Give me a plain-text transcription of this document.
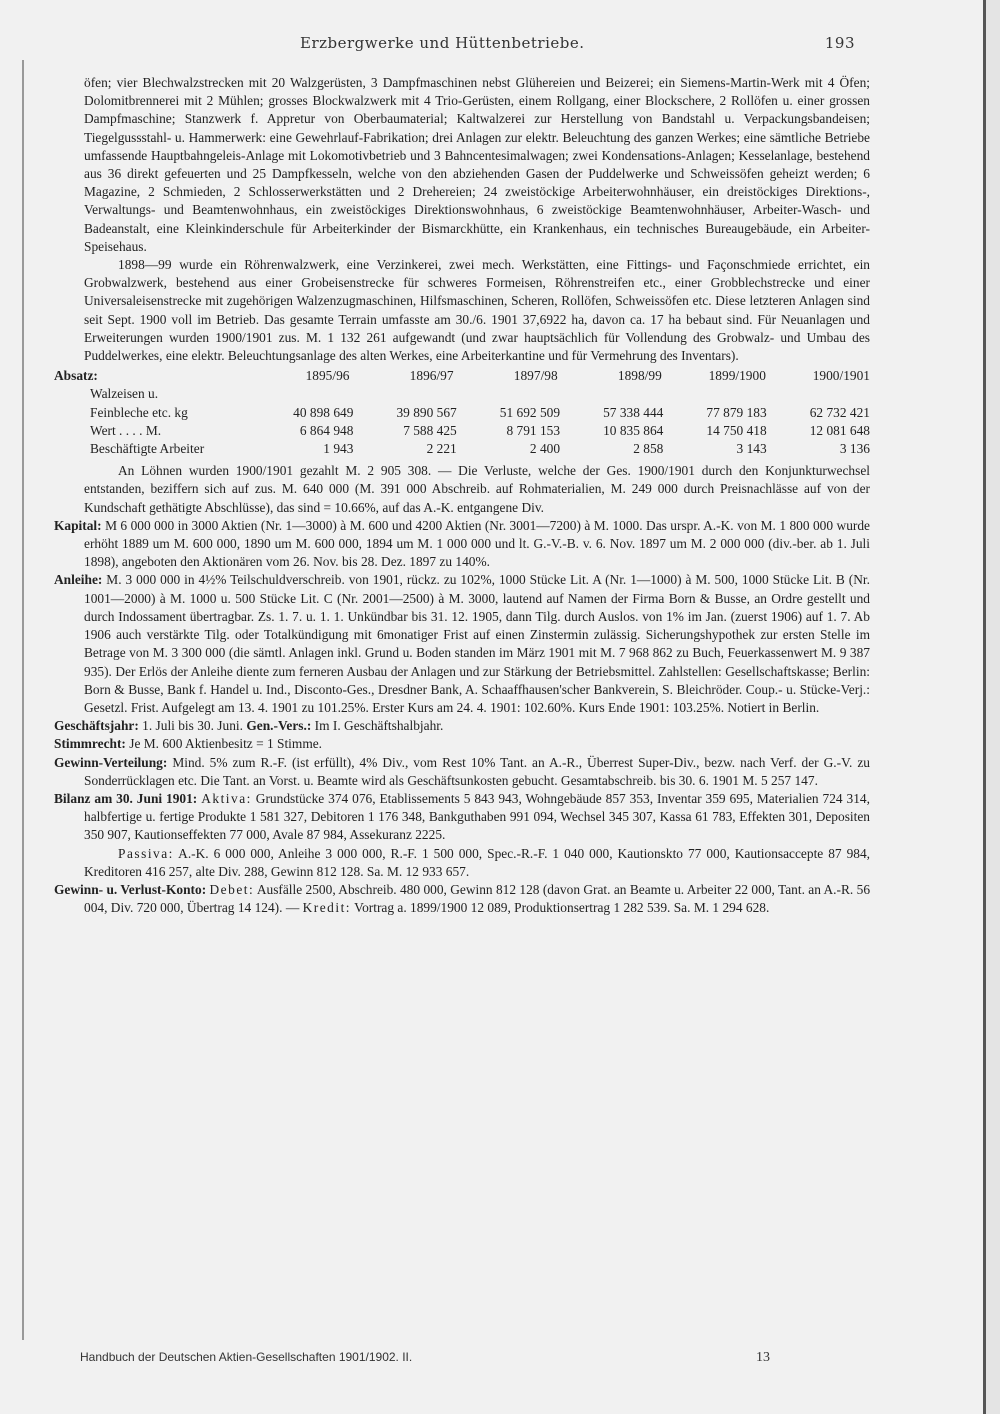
Erzbergwerke und Hüttenbetriebe.	193

öfen; vier Blechwalzstrecken mit 20 Walzgerüsten, 3 Dampfmaschinen nebst Glühereien und Beizerei; ein Siemens-Martin-Werk mit 4 Öfen; Dolomitbrennerei mit 2 Mühlen; grosses Blockwalzwerk mit 4 Trio-Gerüsten, einem Rollgang, einer Blockschere, 2 Rollöfen u. einer grossen Dampfmaschine; Stanzwerk f. Appretur von Oberbaumaterial; Kaltwalzerei zur Herstellung von Bandstahl u. Verpackungsbandeisen; Tiegelgussstahl- u. Hammerwerk: eine Gewehrlauf-Fabrikation; drei Anlagen zur elektr. Beleuchtung des ganzen Werkes; eine sämtliche Betriebe umfassende Hauptbahngeleis-Anlage mit Lokomotivbetrieb und 3 Bahncentesimalwagen; zwei Kondensations-Anlagen; Kesselanlage, bestehend aus 36 direkt gefeuerten und 25 Dampfkesseln, welche von den abziehenden Gasen der Puddelwerke und Schweissöfen geheizt werden; 6 Magazine, 2 Schmieden, 2 Schlosserwerkstätten und 2 Drehereien; 24 zweistöckige Arbeiterwohnhäuser, ein dreistöckiges Direktions-, Verwaltungs- und Beamtenwohnhaus, ein zweistöckiges Direktionswohnhaus, 6 zweistöckige Beamtenwohnhäuser, Arbeiter-Wasch- und Badeanstalt, eine Kleinkinderschule für Arbeiterkinder der Bismarckhütte, ein Krankenhaus, ein technisches Bureaugebäude, ein Arbeiter-Speisehaus.

1898—99 wurde ein Röhrenwalzwerk, eine Verzinkerei, zwei mech. Werkstätten, eine Fittings- und Façonschmiede errichtet, ein Grobwalzwerk, bestehend aus einer Grobeisenstrecke für schweres Formeisen, Röhrenstreifen etc., einer Grobblechstrecke und einer Universaleisenstrecke mit zugehörigen Walzenzugmaschinen, Hilfsmaschinen, Scheren, Rollöfen, Schweissöfen etc. Diese letzteren Anlagen sind seit Sept. 1900 voll im Betrieb. Das gesamte Terrain umfasste am 30./6. 1901 37,6922 ha, davon ca. 17 ha bebaut sind. Für Neuanlagen und Erweiterungen wurden 1900/1901 zus. M. 1 132 261 aufgewandt (und zwar hauptsächlich für Vollendung des Grobwalz- und Umbau des Puddelwerkes, eine elektr. Beleuchtungsanlage des alten Werkes, eine Arbeiterkantine und für Vermehrung des Inventars).

Absatz:	1895/96	1896/97	1897/98	1898/99	1899/1900	1900/1901
Walzeisen u.
Feinbleche etc. kg	40 898 649	39 890 567	51 692 509	57 338 444	77 879 183	62 732 421
Wert . . . . M.	6 864 948	7 588 425	8 791 153	10 835 864	14 750 418	12 081 648
Beschäftigte Arbeiter	1 943	2 221	2 400	2 858	3 143	3 136

An Löhnen wurden 1900/1901 gezahlt M. 2 905 308. — Die Verluste, welche der Ges. 1900/1901 durch den Konjunkturwechsel entstanden, beziffern sich auf zus. M. 640 000 (M. 391 000 Abschreib. auf Rohmaterialien, M. 249 000 durch Preisnachlässe auf von der Kundschaft gethätigte Abschlüsse), das sind = 10.66%, auf das A.-K. entgangene Div.

Kapital: M 6 000 000 in 3000 Aktien (Nr. 1—3000) à M. 600 und 4200 Aktien (Nr. 3001—7200) à M. 1000. Das urspr. A.-K. von M. 1 800 000 wurde erhöht 1889 um M. 600 000, 1890 um M. 600 000, 1894 um M. 1 000 000 und lt. G.-V.-B. v. 6. Nov. 1897 um M. 2 000 000 (div.-ber. ab 1. Juli 1898), angeboten den Aktionären vom 26. Nov. bis 28. Dez. 1897 zu 140%.

Anleihe: M. 3 000 000 in 4½% Teilschuldverschreib. von 1901, rückz. zu 102%, 1000 Stücke Lit. A (Nr. 1—1000) à M. 500, 1000 Stücke Lit. B (Nr. 1001—2000) à M. 1000 u. 500 Stücke Lit. C (Nr. 2001—2500) à M. 3000, lautend auf Namen der Firma Born & Busse, an Ordre gestellt und durch Indossament übertragbar. Zs. 1. 7. u. 1. 1. Unkündbar bis 31. 12. 1905, dann Tilg. durch Auslos. von 1% im Jan. (zuerst 1906) auf 1. 7. Ab 1906 auch verstärkte Tilg. oder Totalkündigung mit 6monatiger Frist auf einen Zinstermin zulässig. Sicherungshypothek zur ersten Stelle im Betrage von M. 3 300 000 (die sämtl. Anlagen inkl. Grund u. Boden standen im März 1901 mit M. 7 968 862 zu Buch, Feuerkassenwert M. 9 387 935). Der Erlös der Anleihe diente zum ferneren Ausbau der Anlagen und zur Stärkung der Betriebsmittel. Zahlstellen: Gesellschaftskasse; Berlin: Born & Busse, Bank f. Handel u. Ind., Disconto-Ges., Dresdner Bank, A. Schaaffhausen'scher Bankverein, S. Bleichröder. Coup.- u. Stücke-Verj.: Gesetzl. Frist. Aufgelegt am 13. 4. 1901 zu 101.25%. Erster Kurs am 24. 4. 1901: 102.60%. Kurs Ende 1901: 103.25%. Notiert in Berlin.

Geschäftsjahr: 1. Juli bis 30. Juni. Gen.-Vers.: Im I. Geschäftshalbjahr.

Stimmrecht: Je M. 600 Aktienbesitz = 1 Stimme.

Gewinn-Verteilung: Mind. 5% zum R.-F. (ist erfüllt), 4% Div., vom Rest 10% Tant. an A.-R., Überrest Super-Div., bezw. nach Verf. der G.-V. zu Sonderrücklagen etc. Die Tant. an Vorst. u. Beamte wird als Geschäftsunkosten gebucht. Gesamtabschreib. bis 30. 6. 1901 M. 5 257 147.

Bilanz am 30. Juni 1901: Aktiva: Grundstücke 374 076, Etablissements 5 843 943, Wohngebäude 857 353, Inventar 359 695, Materialien 724 314, halbfertige u. fertige Produkte 1 581 327, Debitoren 1 176 348, Bankguthaben 991 094, Wechsel 345 307, Kassa 61 783, Effekten 301, Depositen 350 907, Kautionseffekten 77 000, Avale 87 984, Assekuranz 2225.

Passiva: A.-K. 6 000 000, Anleihe 3 000 000, R.-F. 1 500 000, Spec.-R.-F. 1 040 000, Kautionskto 77 000, Kautionsaccepte 87 984, Kreditoren 416 257, alte Div. 288, Gewinn 812 128. Sa. M. 12 933 657.

Gewinn- u. Verlust-Konto: Debet: Ausfälle 2500, Abschreib. 480 000, Gewinn 812 128 (davon Grat. an Beamte u. Arbeiter 22 000, Tant. an A.-R. 56 004, Div. 720 000, Übertrag 14 124). — Kredit: Vortrag a. 1899/1900 12 089, Produktionsertrag 1 282 539. Sa. M. 1 294 628.

Handbuch der Deutschen Aktien-Gesellschaften 1901/1902. II.	13
